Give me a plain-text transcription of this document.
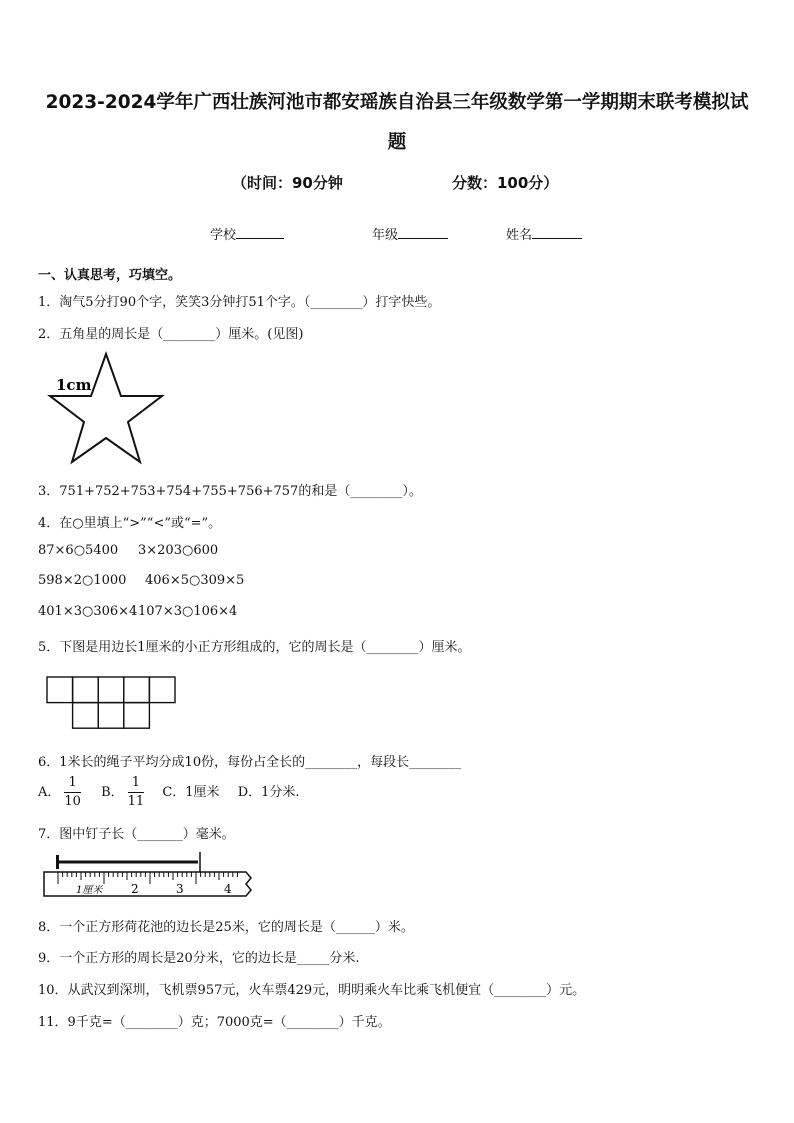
2023-2024学年广西壮族河池市都安瑶族自治县三年级数学第一学期期末联考模拟试
题
（时间：90分钟	分数：100分）
学校	年级	姓名
一、认真思考，巧填空。
1．淘气5分打90个字，笑笑3分钟打51个字。（________）打字快些。
2．五角星的周长是（________）厘米。(见图)
1cm
3．751+752+753+754+755+756+757的和是（________）。
4．在○里填上“>”“<”或“=”。
87×6○5400 3×203○600
598×2○1000 406×5○309×5
401×3○306×4 107×3○106×4
5．下图是用边长1厘米的小正方形组成的，它的周长是（________）厘米。
6．1米长的绳子平均分成10份，每份占全长的________，每段长________
A． $\frac{1}{10}$ B． $\frac{1}{11}$ C．1厘米 D．1分米.
7．图中钉子长（_______）毫米。
1厘米 2	3	4
8．一个正方形荷花池的边长是25米，它的周长是（______）米。
9．一个正方形的周长是20分米，它的边长是_____分米.
10．从武汉到深圳，飞机票957元，火车票429元，明明乘火车比乘飞机便宜（________）元。
11．9千克=（________）克；7000克=（________）千克。
